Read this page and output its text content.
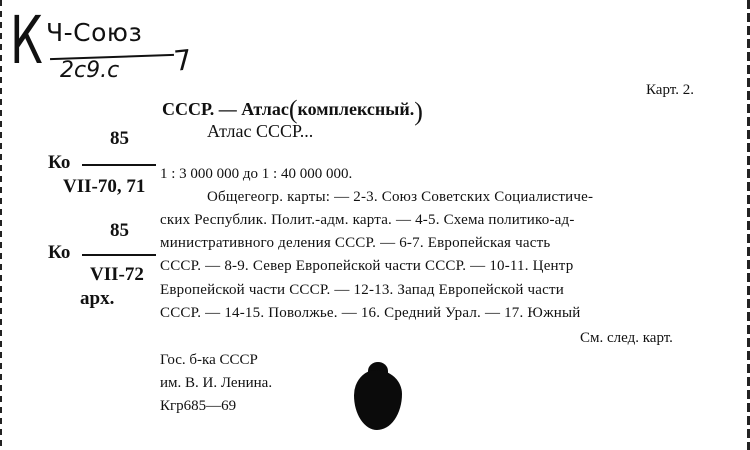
К Ч-Союз
2с9.с 7
Карт. 2.
85
Ко
VII-70, 71
85
Ко
VII-72
арх.
СССР. — Атлас(комплексный.)
Атлас СССР...
1 : 3 000 000 до 1 : 40 000 000.
Общегеогр. карты: — 2-3. Союз Советских Социалистиче-
ских Республик. Полит.-адм. карта. — 4-5. Схема политико-ад-
министративного деления СССР. — 6-7. Европейская часть
СССР. — 8-9. Север Европейской части СССР. — 10-11. Центр
Европейской части СССР. — 12-13. Запад Европейской части
СССР. — 14-15. Поволжье. — 16. Средний Урал. — 17. Южный
См. след. карт.
Гос. б-ка СССР
им. В. И. Ленина.
Кгр685—69
